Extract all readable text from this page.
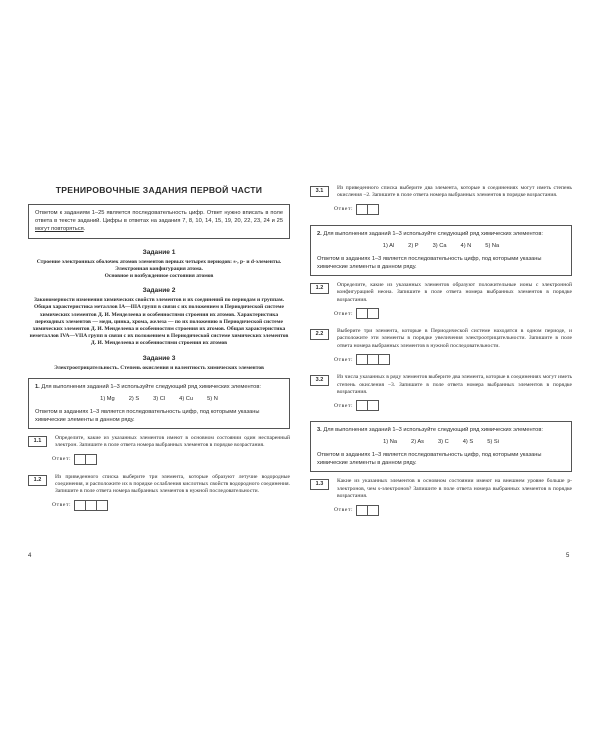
ТРЕНИРОВОЧНЫЕ ЗАДАНИЯ ПЕРВОЙ ЧАСТИ
Ответом к заданиям 1–25 является последовательность цифр. Ответ нужно вписать в поле ответа в тексте заданий. Цифры в ответах на задания 7, 8, 10, 14, 15, 19, 20, 22, 23, 24 и 25 могут повторяться.
Задание 1
Строение электронных оболочек атомов элементов первых четырех периодов: s-, p- и d-элементы. Электронная конфигурация атома.
Основное и возбужденное состояния атомов
Задание 2
Закономерности изменения химических свойств элементов и их соединений по периодам и группам. Общая характеристика металлов IA—IIIA групп в связи с их положением в Периодической системе химических элементов Д. И. Менделеева и особенностями строения их атомов. Характеристика переходных элементов — меди, цинка, хрома, железа — по их положению в Периодической системе химических элементов Д. И. Менделеева и особенностям строения их атомов. Общая характеристика неметаллов IVA—VIIA групп в связи с их положением в Периодической системе химических элементов Д. И. Менделеева и особенностями строения их атомов
Задание 3
Электроотрицательность. Степень окисления и валентность химических элементов
1. Для выполнения заданий 1–3 используйте следующий ряд химических элементов:
1) Mg 2) S 3) Cl 4) Cu 5) N
Ответом в заданиях 1–3 является последовательность цифр, под которыми указаны химические элементы в данном ряду.
1.1	Определите, какие из указанных элементов имеют в основном состоянии один неспаренный электрон. Запишите в поле ответа номера выбранных элементов в порядке возрастания.
Ответ:
1.2	Из приведенного списка выберите три элемента, которые образуют летучие водородные соединения, и расположите их в порядке ослабления кислотных свойств водородного соединения. Запишите в поле ответа номера выбранных элементов в нужной последовательности.
Ответ:
4
3.1	Из приведенного списка выберите два элемента, которые в соединениях могут иметь степень окисления −2. Запишите в поле ответа номера выбранных элементов в порядке возрастания.
Ответ:
2. Для выполнения заданий 1–3 используйте следующий ряд химических элементов:
1) Al 2) P 3) Ca 4) N 5) Na
Ответом в заданиях 1–3 является последовательность цифр, под которыми указаны химические элементы в данном ряду.
1.2	Определите, какие из указанных элементов образуют положительные ионы с электронной конфигурацией неона. Запишите в поле ответа номера выбранных элементов в порядке возрастания.
Ответ:
2.2	Выберите три элемента, которые в Периодической системе находятся в одном периоде, и расположите эти элементы в порядке увеличения электроотрицательности. Запишите в поле ответа номера выбранных элементов в нужной последовательности.
Ответ:
3.2	Из числа указанных в ряду элементов выберите два элемента, которые в соединениях могут иметь степень окисления −3. Запишите в поле ответа номера выбранных элементов в порядке возрастания.
Ответ:
3. Для выполнения заданий 1–3 используйте следующий ряд химических элементов:
1) Na 2) As 3) C 4) S 5) Si
Ответом в заданиях 1–3 является последовательность цифр, под которыми указаны химические элементы в данном ряду.
1.3	Какие из указанных элементов в основном состоянии имеют на внешнем уровне больше p-электронов, чем s-электронов? Запишите в поле ответа номера выбранных элементов в порядке возрастания.
Ответ:
5
